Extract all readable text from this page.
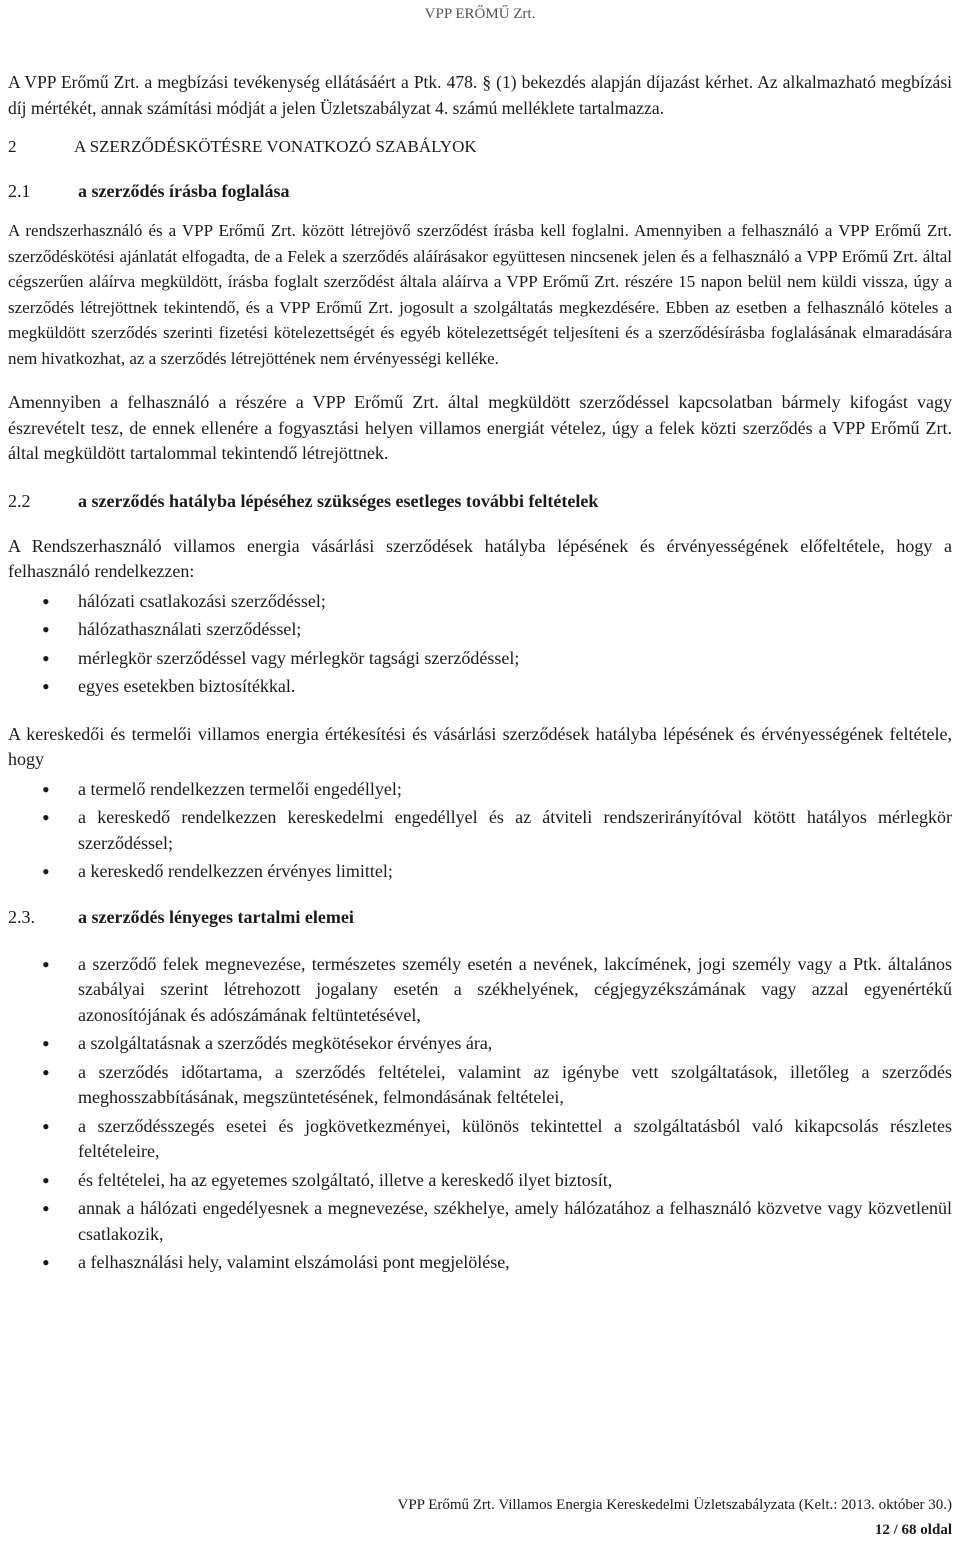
VPP ERŐMŰ Zrt.

A VPP Erőmű Zrt. a megbízási tevékenység ellátásáért a Ptk. 478. § (1) bekezdés alapján díjazást kérhet. Az alkalmazható megbízási díj mértékét, annak számítási módját a jelen Üzletszabályzat 4. számú melléklete tartalmazza.

2	A SZERZŐDÉSKÖTÉSRE VONATKOZÓ SZABÁLYOK
2.1	a szerződés írásba foglalása

A rendszerhasználó és a VPP Erőmű Zrt. között létrejövő szerződést írásba kell foglalni. Amennyiben a felhasználó a VPP Erőmű Zrt. szerződéskötési ajánlatát elfogadta, de a Felek a szerződés aláírásakor együttesen nincsenek jelen és a felhasználó a VPP Erőmű Zrt. által cégszerűen aláírva megküldött, írásba foglalt szerződést általa aláírva a VPP Erőmű Zrt. részére 15 napon belül nem küldi vissza, úgy a szerződés létrejöttnek tekintendő, és a VPP Erőmű Zrt. jogosult a szolgáltatás megkezdésére. Ebben az esetben a felhasználó köteles a megküldött szerződés szerinti fizetési kötelezettségét és egyéb kötelezettségét teljesíteni és a szerződésírásba foglalásának elmaradására nem hivatkozhat, az a szerződés létrejöttének nem érvényességi kelléke.

Amennyiben a felhasználó a részére a VPP Erőmű Zrt. által megküldött szerződéssel kapcsolatban bármely kifogást vagy észrevételt tesz, de ennek ellenére a fogyasztási helyen villamos energiát vételez, úgy a felek közti szerződés a VPP Erőmű Zrt. által megküldött tartalommal tekintendő létrejöttnek.

2.2	a szerződés hatályba lépéséhez szükséges esetleges további feltételek

A Rendszerhasználó villamos energia vásárlási szerződések hatályba lépésének és érvényességének előfeltétele, hogy a felhasználó rendelkezzen:

• hálózati csatlakozási szerződéssel;
• hálózathasználati szerződéssel;
• mérlegkör szerződéssel vagy mérlegkör tagsági szerződéssel;
• egyes esetekben biztosítékkal.

A kereskedői és termelői villamos energia értékesítési és vásárlási szerződések hatályba lépésének és érvényességének feltétele, hogy

• a termelő rendelkezzen termelői engedéllyel;
• a kereskedő rendelkezzen kereskedelmi engedéllyel és az átviteli rendszerirányítóval kötött hatályos mérlegkör szerződéssel;
• a kereskedő rendelkezzen érvényes limittel;
2.3.	a szerződés lényeges tartalmi elemei
• a szerződő felek megnevezése, természetes személy esetén a nevének, lakcímének, jogi személy vagy a Ptk. általános szabályai szerint létrehozott jogalany esetén a székhelyének, cégjegyzékszámának vagy azzal egyenértékű azonosítójának és adószámának feltüntetésével,
• a szolgáltatásnak a szerződés megkötésekor érvényes ára,
• a szerződés időtartama, a szerződés feltételei, valamint az igénybe vett szolgáltatások, illetőleg a szerződés meghosszabbításának, megszüntetésének, felmondásának feltételei,
• a szerződésszegés esetei és jogkövetkezményei, különös tekintettel a szolgáltatásból való kikapcsolás részletes feltételeire,
• és feltételei, ha az egyetemes szolgáltató, illetve a kereskedő ilyet biztosít,
• annak a hálózati engedélyesnek a megnevezése, székhelye, amely hálózatához a felhasználó közvetve vagy közvetlenül csatlakozik,
• a felhasználási hely, valamint elszámolási pont megjelölése,
VPP Erőmű Zrt. Villamos Energia Kereskedelmi Üzletszabályzata (Kelt.: 2013. október 30.)
12 / 68 oldal
